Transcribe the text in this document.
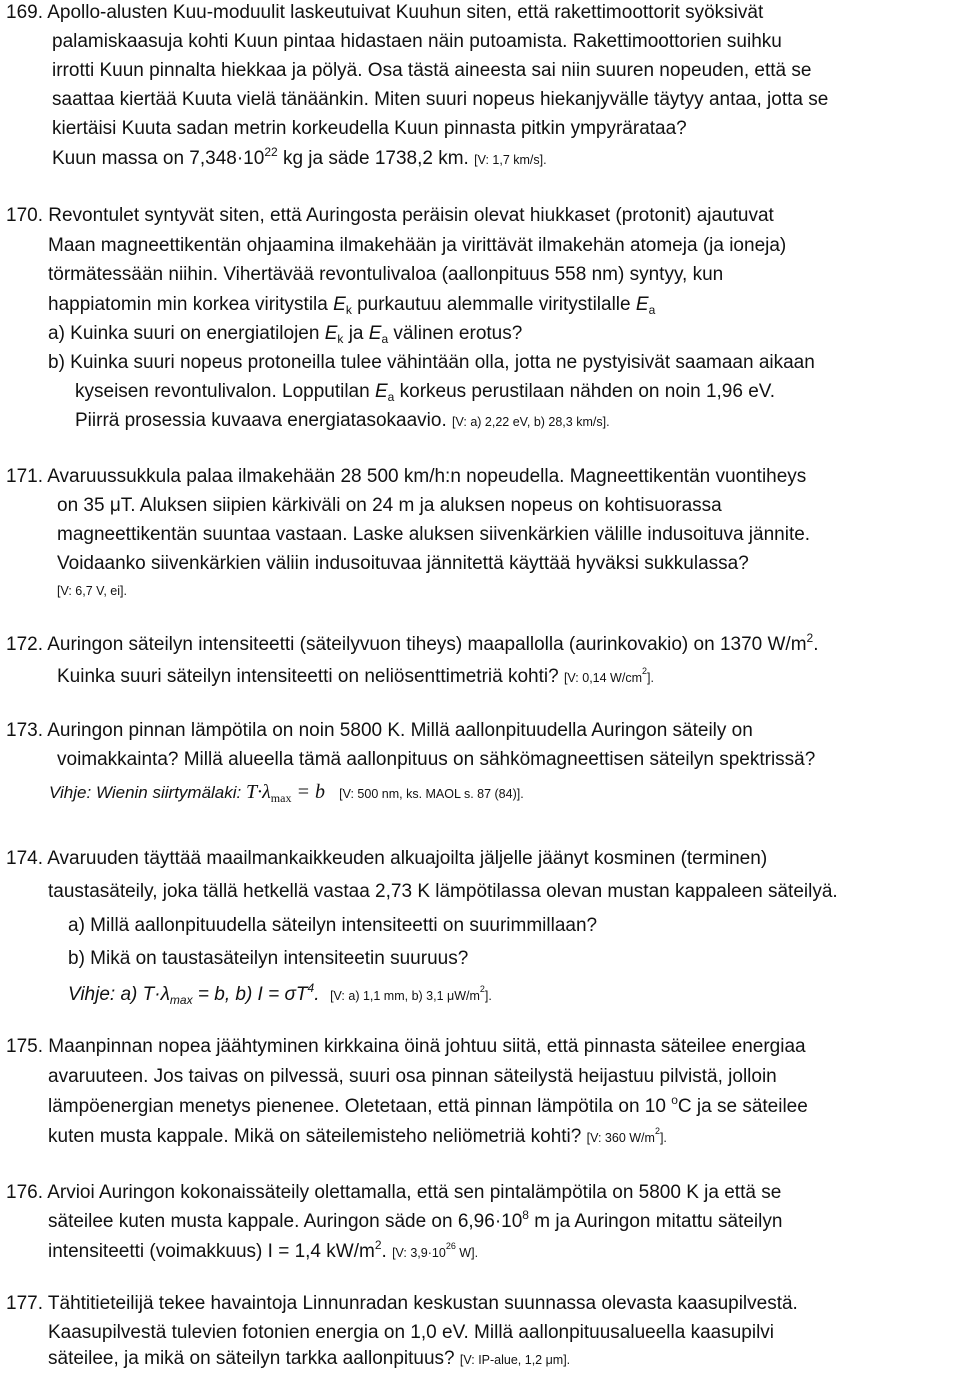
169. Apollo-alusten Kuu-moduulit laskeutuivat Kuuhun siten, että rakettimoottorit syöksivät
palamiskaasuja kohti Kuun pintaa hidastaen näin putoamista. Rakettimoottorien suihku
irrotti Kuun pinnalta hiekkaa ja pölyä. Osa tästä aineesta sai niin suuren nopeuden, että se
saattaa kiertää Kuuta vielä tänäänkin. Miten suuri nopeus hiekanjyvälle täytyy antaa, jotta se
kiertäisi Kuuta sadan metrin korkeudella Kuun pinnasta pitkin ympyrärataa?
Kuun massa on $7,348\cdot 10^{22}$ kg ja säde 1738,2 km. [V: 1,7 km/s].
170. Revontulet syntyvät siten, että Auringosta peräisin olevat hiukkaset (protonit) ajautuvat
Maan magneettikentän ohjaamina ilmakehään ja virittävät ilmakehän atomeja (ja ioneja)
törmätessään niihin. Vihertävää revontulivaloa (aallonpituus 558 nm) syntyy, kun
happiatomin min korkea viritystila $E_k$ purkautuu alemmalle viritystilalle $E_a$
a) Kuinka suuri on energiatilojen $E_k$ ja $E_a$ välinen erotus?
b) Kuinka suuri nopeus protoneilla tulee vähintään olla, jotta ne pystyisivät saamaan aikaan
kyseisen revontulivalon. Lopputilan $E_a$ korkeus perustilaan nähden on noin 1,96 eV.
Piirrä prosessia kuvaava energiatasokaavio. [V: a) 2,22 eV, b) 28,3 km/s].
171. Avaruussukkula palaa ilmakehään 28 500 km/h:n nopeudella. Magneettikentän vuontiheys
on 35 μT. Aluksen siipien kärkiväli on 24 m ja aluksen nopeus on kohtisuorassa
magneettikentän suuntaa vastaan. Laske aluksen siivenkärkien välille indusoituva jännite.
Voidaanko siivenkärkien väliin indusoituvaa jännitettä käyttää hyväksi sukkulassa?
[V: 6,7 V, ei].
172. Auringon säteilyn intensiteetti (säteilyvuon tiheys) maapallolla (aurinkovakio) on 1370 $W/m^2$.
Kuinka suuri säteilyn intensiteetti on neliösenttimetriä kohti? [V: 0,14 $W/cm^2$].
173. Auringon pinnan lämpötila on noin 5800 K. Millä aallonpituudella Auringon säteily on
voimakkainta? Millä alueella tämä aallonpituus on sähkömagneettisen säteilyn spektrissä?
Vihje: Wienin siirtymälaki: $T\cdot\lambda_{max} = b$ [V: 500 nm, ks. MAOL s. 87 (84)].
174. Avaruuden täyttää maailmankaikkeuden alkuajoilta jäljelle jäänyt kosminen (terminen)
taustasäteily, joka tällä hetkellä vastaa 2,73 K lämpötilassa olevan mustan kappaleen säteilyä.
a) Millä aallonpituudella säteilyn intensiteetti on suurimmillaan?
b) Mikä on taustasäteilyn intensiteetin suuruus?
Vihje: a) $T\cdot\lambda_{max} = b$, b) $I = \sigma T^4$. [V: a) 1,1 mm, b) 3,1 $\mu W/m^2$].
175. Maanpinnan nopea jäähtyminen kirkkaina öinä johtuu siitä, että pinnasta säteilee energiaa
avaruuteen. Jos taivas on pilvessä, suuri osa pinnan säteilystä heijastuu pilvistä, jolloin
lämpöenergian menetys pienenee. Oletetaan, että pinnan lämpötila on 10 $^o$C ja se säteilee
kuten musta kappale. Mikä on säteilemisteho neliömetriä kohti? [V: 360 $W/m^2$].
176. Arvioi Auringon kokonaissäteily olettamalla, että sen pintalämpötila on 5800 K ja että se
säteilee kuten musta kappale. Auringon säde on $6,96\cdot 10^8$ m ja Auringon mitattu säteilyn
intensiteetti (voimakkuus) I = 1,4 $kW/m^2$. [V: $3,9\cdot 10^{26}$ W].
177. Tähtitieteilijä tekee havaintoja Linnunradan keskustan suunnassa olevasta kaasupilvestä.
Kaasupilvestä tulevien fotonien energia on 1,0 eV. Millä aallonpituusalueella kaasupilvi
säteilee, ja mikä on säteilyn tarkka aallonpituus? [V: IP-alue, 1,2 μm].
